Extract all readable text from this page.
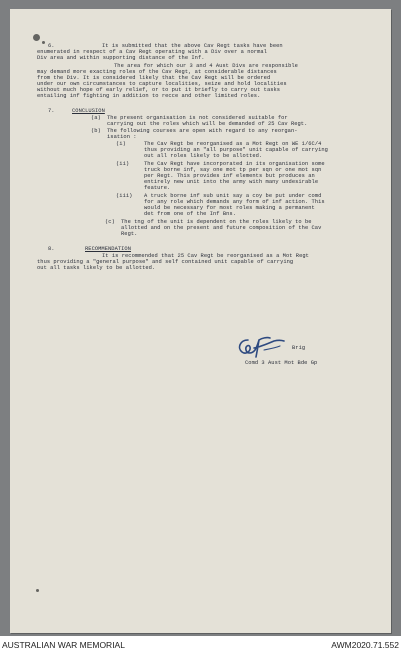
6.	It is submitted that the above Cav Regt tasks have been
enumerated in respect of a Cav Regt operating with a Div over a normal
Div area and within supporting distance of the Inf.
The area for which our 3 and 4 Aust Divs are responsible
may demand more exacting roles of the Cav Regt, at considerable distances
from the Div. It is considered likely that the Cav Regt will be ordered
under our own circumstances to capture localities, seize and hold localities
without much hope of early relief, or to put it briefly to carry out tasks
entailing inf fighting in addition to recce and other limited roles.
7.	CONCLUSION
(a) The present organisation is not considered suitable for
carrying out the roles which will be demanded of 25 Cav Regt.
(b) The following courses are open with regard to any reorgan-
isation :
(i)	The Cav Regt be reorganised as a Mot Regt on WE 1/6C/4
thus providing an "all purpose" unit capable of carrying
out all roles likely to be allotted.
(ii)	The Cav Regt have incorporated in its organisation some
truck borne inf, say one mot tp per sqn or one mot sqn
per Regt. This provides inf elements but produces an
entirely new unit into the army with many undesirable
feature.
(iii) A truck borne inf sub unit say a coy be put under comd
for any role which demands any form of inf action. This
would be necessary for most roles making a permanent
det from one of the Inf Bns.
(c) The tng of the unit is dependent on the roles likely to be
allotted and on the present and future composition of the Cav
Regt.
8.	RECOMMENDATION
It is recommended that 25 Cav Regt be reorganised as a Mot Regt
thus providing a "general purpose" and self contained unit capable of carrying
out all tasks likely to be allotted.
Brig
Comd 3 Aust Mot Bde Gp
AUSTRALIAN WAR MEMORIAL	AWM2020.71.552
